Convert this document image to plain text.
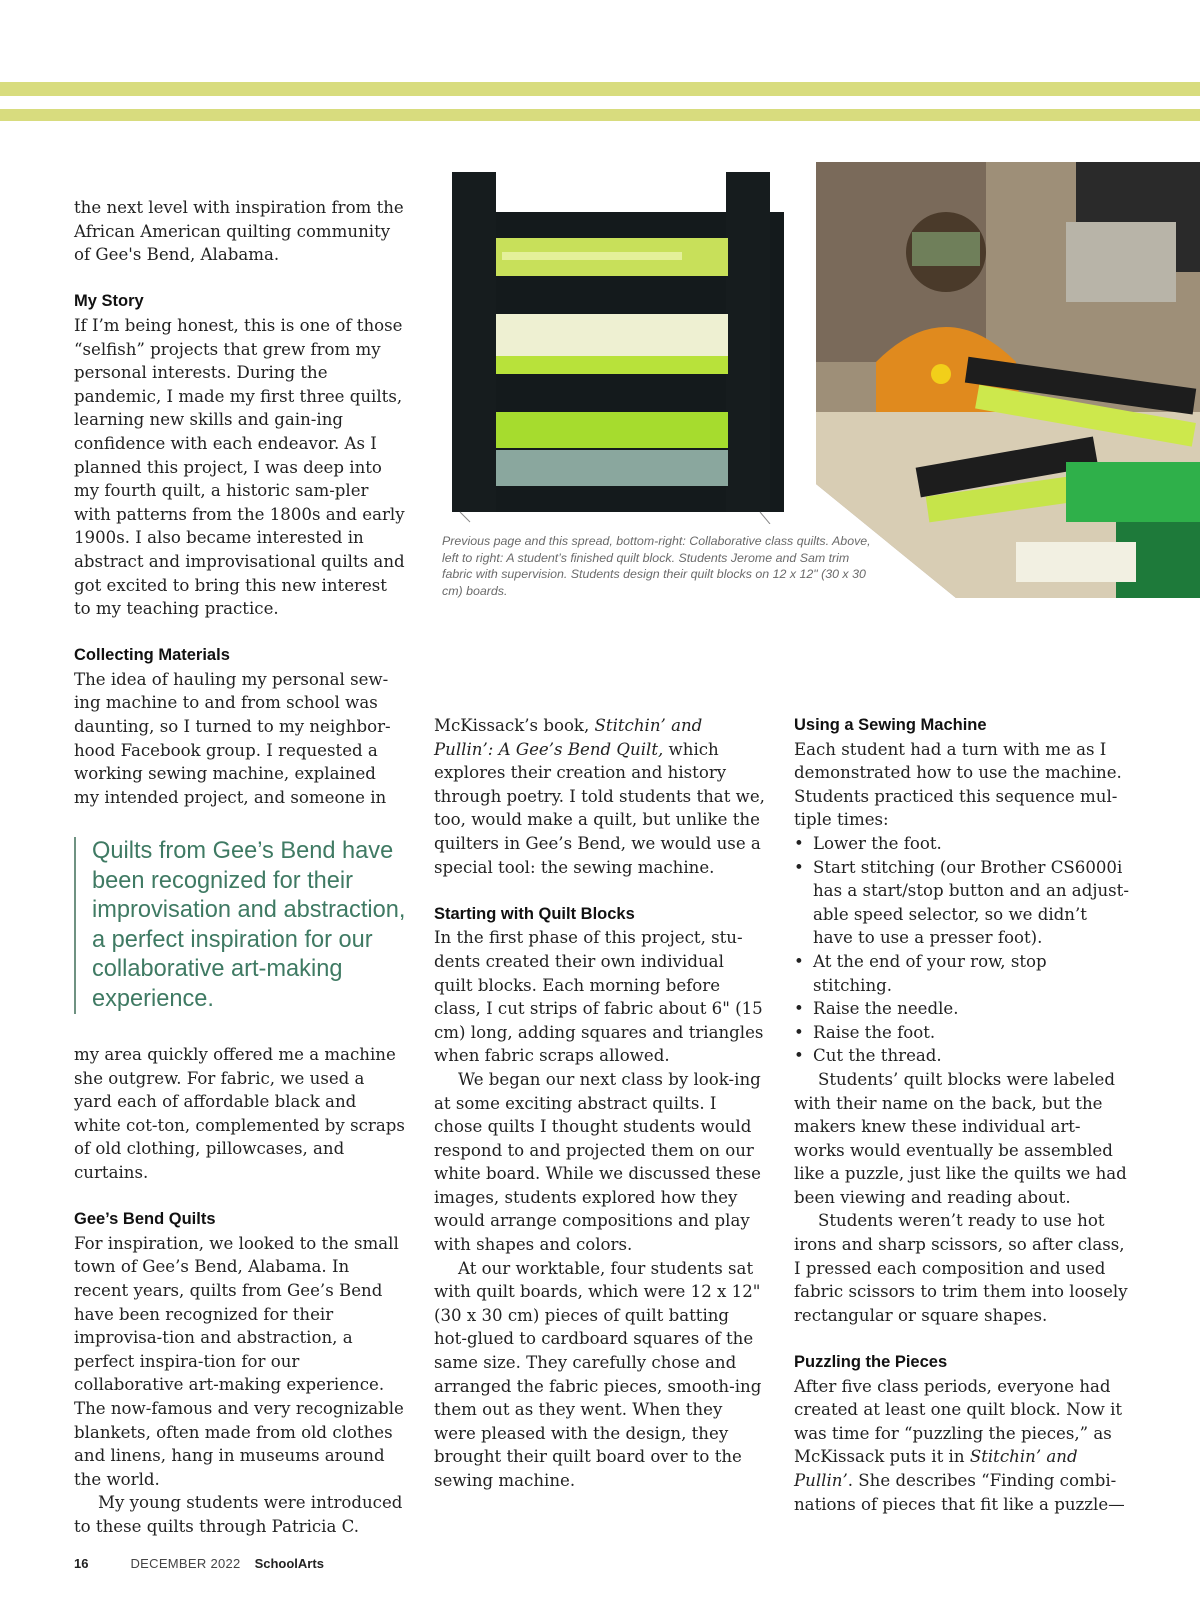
Previous page and this spread, bottom-right: Collaborative class quilts. Above, left to right: A student’s finished quilt block. Students Jerome and Sam trim fabric with supervision. Students design their quilt blocks on 12 x 12" (30 x 30 cm) boards.

the next level with inspiration from the African American quilting community of Gee's Bend, Alabama.

My Story

If I’m being honest, this is one of those “selfish” projects that grew from my personal interests. During the pandemic, I made my first three quilts, learning new skills and gain-ing confidence with each endeavor. As I planned this project, I was deep into my fourth quilt, a historic sam-pler with patterns from the 1800s and early 1900s. I also became interested in abstract and improvisational quilts and got excited to bring this new interest to my teaching practice.

Collecting Materials

The idea of hauling my personal sew-ing machine to and from school was daunting, so I turned to my neighbor-hood Facebook group. I requested a working sewing machine, explained my intended project, and someone in

Quilts from Gee’s Bend have been recognized for their improvisation and abstraction, a perfect inspiration for our collaborative art-making experience.

my area quickly offered me a machine she outgrew. For fabric, we used a yard each of affordable black and white cot-ton, complemented by scraps of old clothing, pillowcases, and curtains.

Gee’s Bend Quilts

For inspiration, we looked to the small town of Gee’s Bend, Alabama. In recent years, quilts from Gee’s Bend have been recognized for their improvisa-tion and abstraction, a perfect inspira-tion for our collaborative art-making experience. The now-famous and very recognizable blankets, often made from old clothes and linens, hang in museums around the world.

My young students were introduced to these quilts through Patricia C.

McKissack’s book, Stitchin’ and Pullin’: A Gee’s Bend Quilt, which explores their creation and history through poetry. I told students that we, too, would make a quilt, but unlike the quilters in Gee’s Bend, we would use a special tool: the sewing machine.

Starting with Quilt Blocks

In the first phase of this project, stu-dents created their own individual quilt blocks. Each morning before class, I cut strips of fabric about 6" (15 cm) long, adding squares and triangles when fabric scraps allowed.

We began our next class by look-ing at some exciting abstract quilts. I chose quilts I thought students would respond to and projected them on our white board. While we discussed these images, students explored how they would arrange compositions and play with shapes and colors.

At our worktable, four students sat with quilt boards, which were 12 x 12" (30 x 30 cm) pieces of quilt batting hot-glued to cardboard squares of the same size. They carefully chose and arranged the fabric pieces, smooth-ing them out as they went. When they were pleased with the design, they brought their quilt board over to the sewing machine.

Using a Sewing Machine

Each student had a turn with me as I demonstrated how to use the machine. Students practiced this sequence mul-tiple times:

• Lower the foot.
• Start stitching (our Brother CS6000i has a start/stop button and an adjust-able speed selector, so we didn’t have to use a presser foot).
• At the end of your row, stop stitching.
• Raise the needle.
• Raise the foot.
• Cut the thread.

Students’ quilt blocks were labeled with their name on the back, but the makers knew these individual art-works would eventually be assembled like a puzzle, just like the quilts we had been viewing and reading about.

Students weren’t ready to use hot irons and sharp scissors, so after class, I pressed each composition and used fabric scissors to trim them into loosely rectangular or square shapes.

Puzzling the Pieces

After five class periods, everyone had created at least one quilt block. Now it was time for “puzzling the pieces,” as McKissack puts it in Stitchin’ and Pullin’. She describes “Finding combi-nations of pieces that fit like a puzzle—

16	DECEMBER 2022 SchoolArts
